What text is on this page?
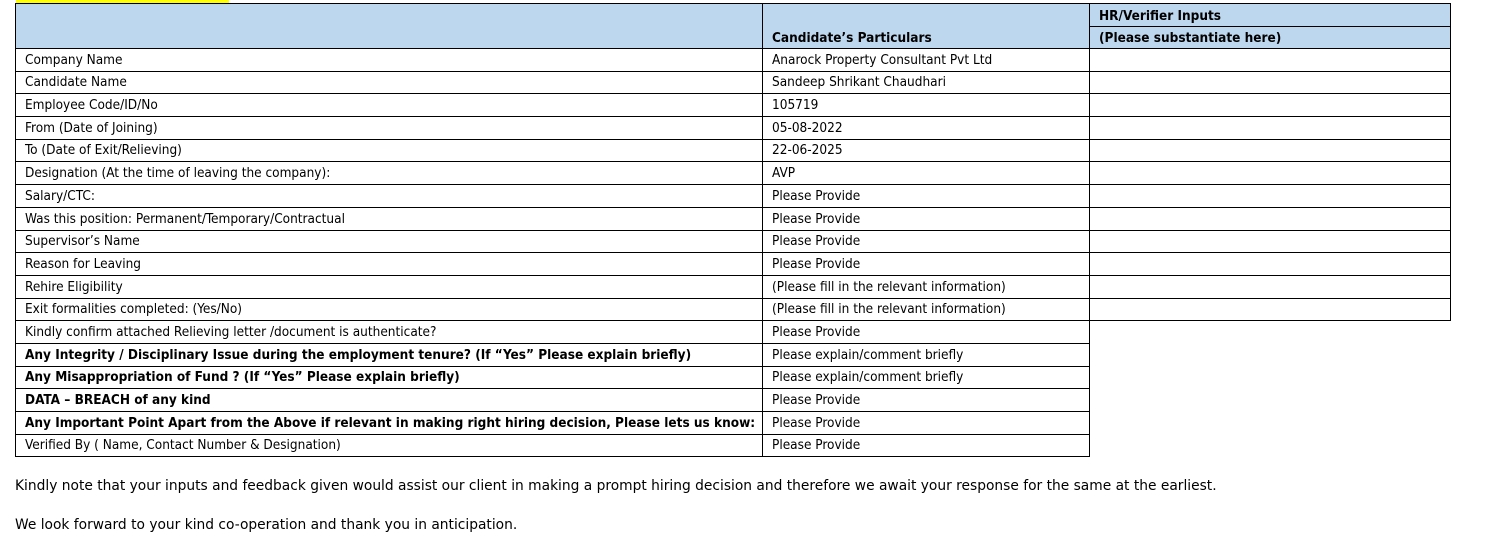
	Candidate’s Particulars	HR/Verifier Inputs
		(Please substantiate here)
Company Name	Anarock Property Consultant Pvt Ltd	
Candidate Name	Sandeep Shrikant Chaudhari	
Employee Code/ID/No	105719	
From (Date of Joining)	05-08-2022	
To (Date of Exit/Relieving)	22-06-2025	
Designation (At the time of leaving the company):	AVP	
Salary/CTC:	Please Provide	
Was this position: Permanent/Temporary/Contractual	Please Provide	
Supervisor’s Name	Please Provide	
Reason for Leaving	Please Provide	
Rehire Eligibility	(Please fill in the relevant information)	
Exit formalities completed: (Yes/No)	(Please fill in the relevant information)	
Kindly confirm attached Relieving letter /document is authenticate?	Please Provide	
Any Integrity / Disciplinary Issue during the employment tenure? (If “Yes” Please explain briefly)	Please explain/comment briefly	
Any Misappropriation of Fund ? (If “Yes” Please explain briefly)	Please explain/comment briefly	
DATA – BREACH of any kind	Please Provide	
Any Important Point Apart from the Above if relevant in making right hiring decision, Please lets us know:	Please Provide	
Verified By ( Name, Contact Number & Designation)	Please Provide	
Kindly note that your inputs and feedback given would assist our client in making a prompt hiring decision and therefore we await your response for the same at the earliest.
We look forward to your kind co-operation and thank you in anticipation.
